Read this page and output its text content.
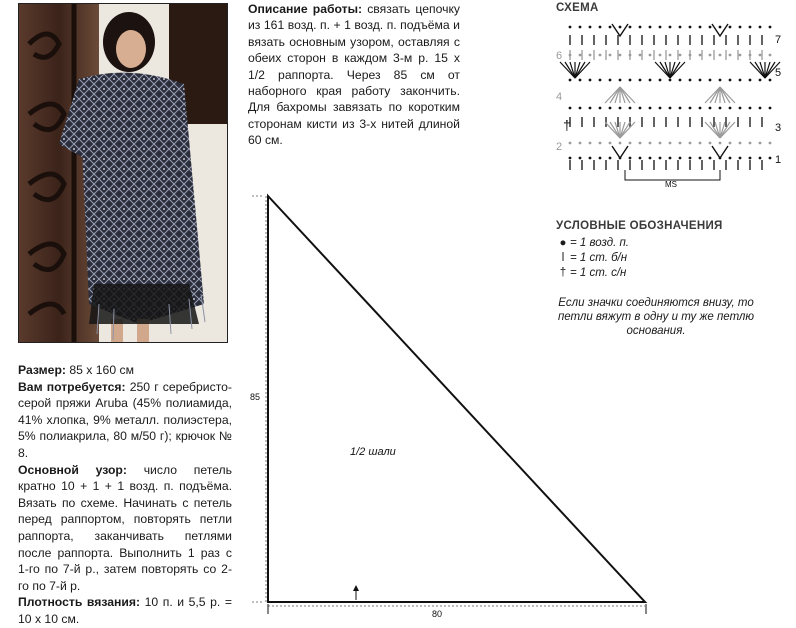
Описание работы: связать цепочку из 161 возд. п. + 1 возд. п. подъёма и вязать основным узором, оставляя с обеих сторон в каждом 3-м р. 15 х 1/2 раппорта. Через 85 см от наборного края работу закончить. Для бахромы завязать по коротким сторонам кисти из 3-х нитей длиной 60 см.

Размер: 85 х 160 см

Вам потребуется: 250 г серебристо-серой пряжи Aruba (45% полиамида, 41% хлопка, 9% металл. полиэстера, 5% полиакрила, 80 м/50 г); крючок № 8.

Основной узор: число петель кратно 10 + 1 + 1 возд. п. подъёма. Вязать по схеме. Начинать с петель перед раппортом, повторять петли раппорта, заканчивать петлями после раппорта. Выполнить 1 раз с 1-го по 7-й р., затем повторять со 2-го по 7-й р.

Плотность вязания: 10 п. и 5,5 р. = 10 х 10 см.

СХЕМА
†
7
5
3
1
6
4
2
MS
85
80
1/2 шали
УСЛОВНЫЕ ОБОЗНАЧЕНИЯ
● = 1 возд. п.
ǀ = 1 ст. б/н
† = 1 ст. с/н
Если значки соединяются внизу, то петли вяжут в одну и ту же петлю основания.
